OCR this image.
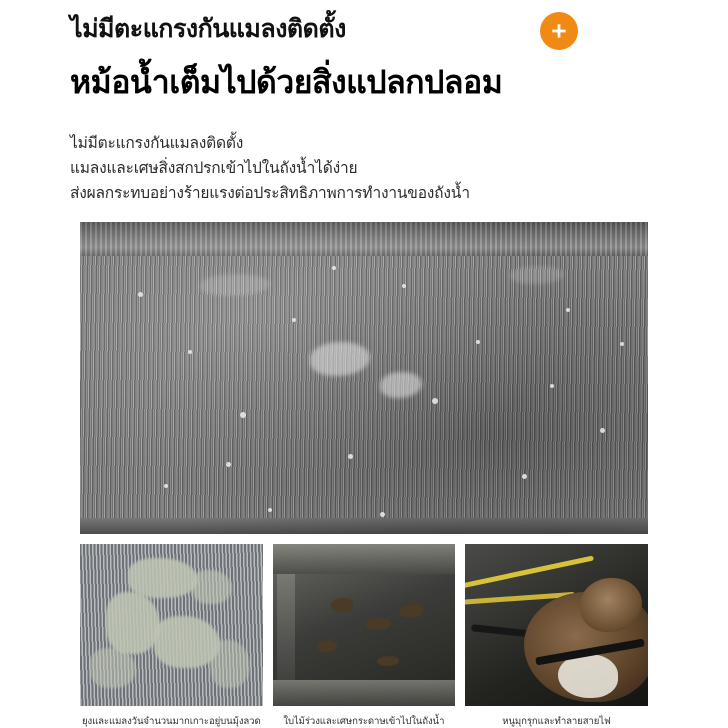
ไม่มีตะแกรงกันแมลงติดตั้ง
หม้อน้ำเต็มไปด้วยสิ่งแปลกปลอม
ไม่มีตะแกรงกันแมลงติดตั้ง
แมลงและเศษสิ่งสกปรกเข้าไปในถังน้ำได้ง่าย
ส่งผลกระทบอย่างร้ายแรงต่อประสิทธิภาพการทำงานของถังน้ำ
ยุงและแมลงวันจำนวนมากเกาะอยู่บนมุ้งลวด	ใบไม้ร่วงและเศษกระดาษเข้าไปในถังน้ำ	หนูมุกรุกและทำลายสายไฟ
